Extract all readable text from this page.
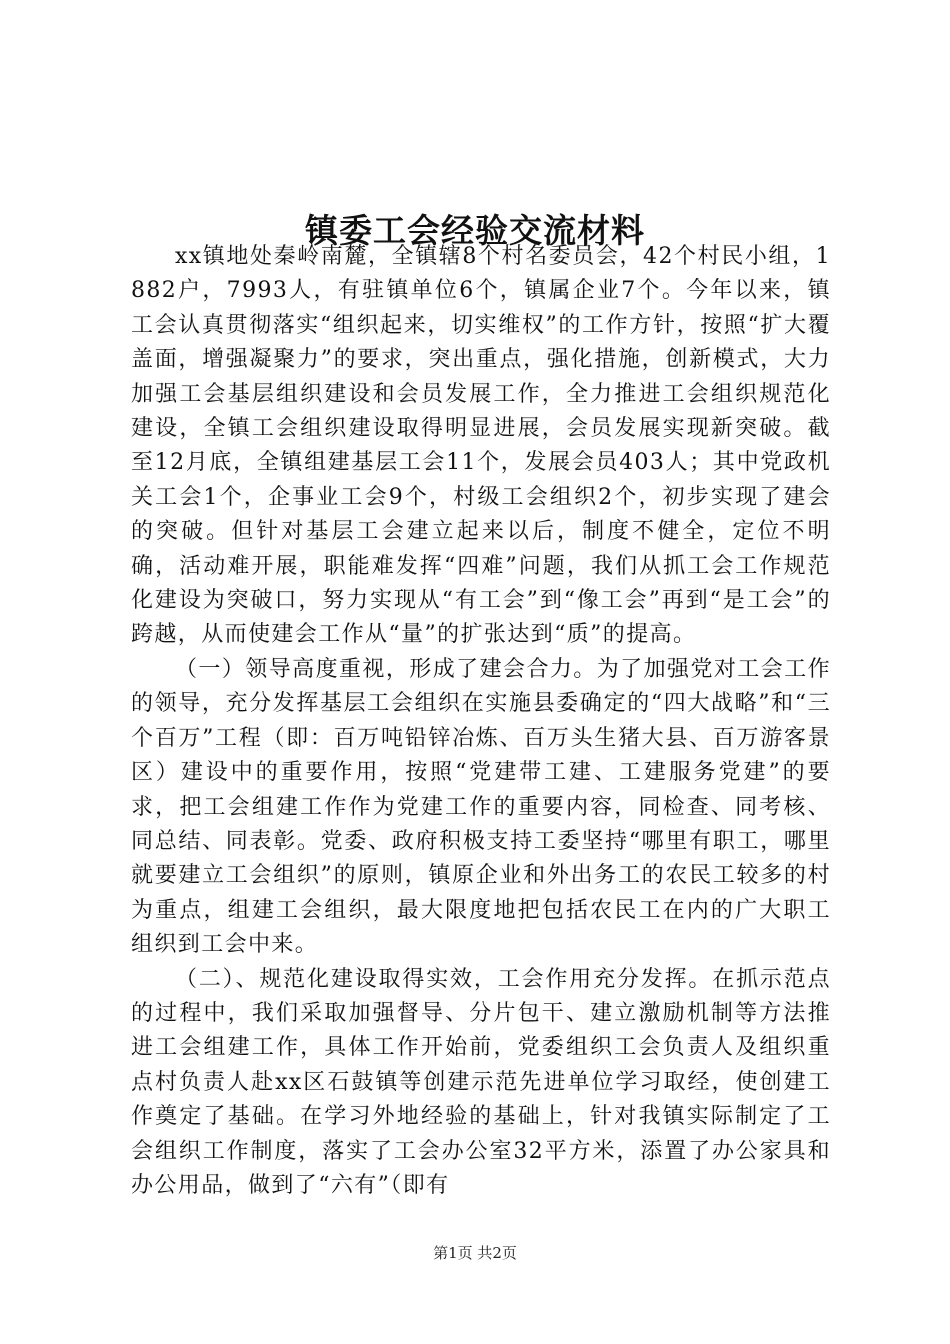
镇委工会经验交流材料

xx镇地处秦岭南麓，全镇辖8个村名委员会，42个村民小组，1882户，7993人，有驻镇单位6个，镇属企业7个。今年以来，镇工会认真贯彻落实“组织起来，切实维权”的工作方针，按照“扩大覆盖面，增强凝聚力”的要求，突出重点，强化措施，创新模式，大力加强工会基层组织建设和会员发展工作，全力推进工会组织规范化建设，全镇工会组织建设取得明显进展，会员发展实现新突破。截至12月底，全镇组建基层工会11个，发展会员403人；其中党政机关工会1个，企事业工会9个，村级工会组织2个，初步实现了建会的突破。但针对基层工会建立起来以后，制度不健全，定位不明确，活动难开展，职能难发挥“四难”问题，我们从抓工会工作规范化建设为突破口，努力实现从“有工会”到“像工会”再到“是工会”的跨越，从而使建会工作从“量”的扩张达到“质”的提高。

（一）领导高度重视，形成了建会合力。为了加强党对工会工作的领导，充分发挥基层工会组织在实施县委确定的“四大战略”和“三个百万”工程（即：百万吨铅锌冶炼、百万头生猪大县、百万游客景区）建设中的重要作用，按照“党建带工建、工建服务党建”的要求，把工会组建工作作为党建工作的重要内容，同检查、同考核、同总结、同表彰。党委、政府积极支持工委坚持“哪里有职工，哪里就要建立工会组织”的原则，镇原企业和外出务工的农民工较多的村为重点，组建工会组织，最大限度地把包括农民工在内的广大职工组织到工会中来。

（二）、规范化建设取得实效，工会作用充分发挥。在抓示范点的过程中，我们采取加强督导、分片包干、建立激励机制等方法推进工会组建工作，具体工作开始前，党委组织工会负责人及组织重点村负责人赴xx区石鼓镇等创建示范先进单位学习取经，使创建工作奠定了基础。在学习外地经验的基础上，针对我镇实际制定了工会组织工作制度，落实了工会办公室32平方米，添置了办公家具和办公用品，做到了“六有”（即有

第1页 共2页
